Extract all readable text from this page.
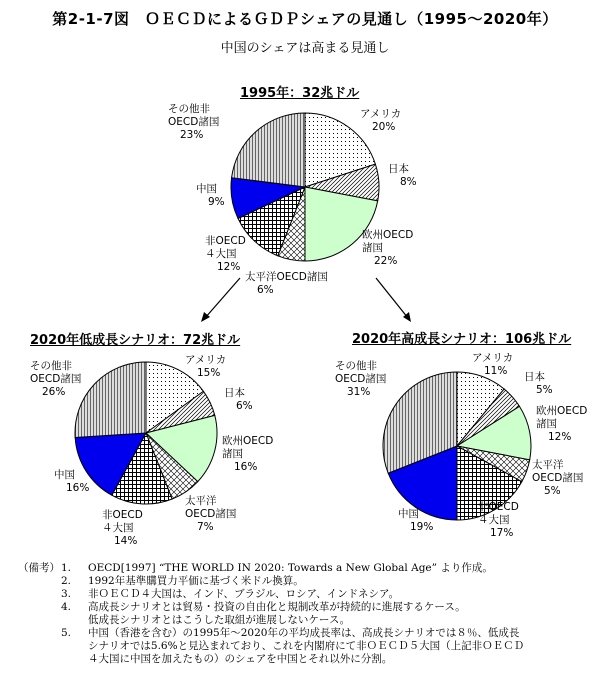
第2-1-7図　ＯＥＣＤによるＧＤＰシェアの見通し（1995～2020年）
中国のシェアは高まる見通し
1995年：32兆ドル
2020年低成長シナリオ：72兆ドル	2020年高成長シナリオ：106兆ドル
アメリカ 20%
日本 8%
欧州OECD 諸国 22%
太平洋OECD諸国 6%
非OECD ４大国 12%
中国 9%
その他非 OECD諸国 23%
アメリカ 15%
日本 6%
欧州OECD 諸国 16%
太平洋 OECD諸国 7%
非OECD ４大国 14%
中国 16%
その他非 OECD諸国 26%
アメリカ 11%	日本 5%
欧州OECD 諸国 12%
太平洋 OECD諸国 5%
非OECD ４大国 17%
中国 19%
その他非 OECD諸国 31%
（備考） 1.	OECD[1997] “THE WORLD IN 2020: Towards a New Global Age” より作成。
2.	1992年基準購買力平価に基づく米ドル換算。
3.	非ＯＥＣＤ４大国は、インド、ブラジル、ロシア、インドネシア。
4.	高成長シナリオとは貿易・投資の自由化と規制改革が持続的に進展するケース。
低成長シナリオとはこうした取組が進展しないケース。
5.	中国（香港を含む）の1995年～2020年の平均成長率は、高成長シナリオでは８％、低成長
シナリオでは5.6%と見込まれており、これを内閣府にて非ＯＥＣＤ５大国（上記非ＯＥＣＤ
４大国に中国を加えたもの）のシェアを中国とそれ以外に分割。
